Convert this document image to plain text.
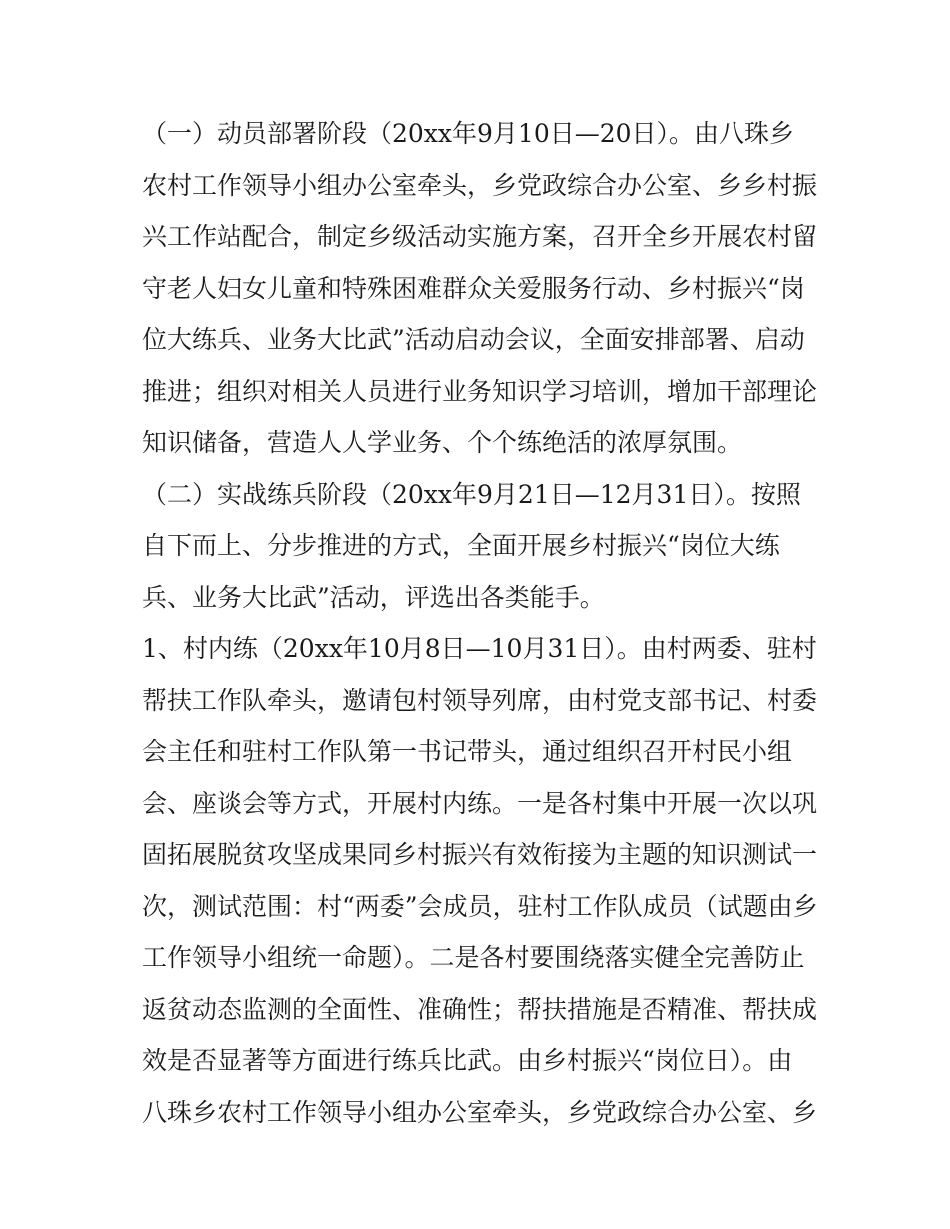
（一）动员部署阶段（20xx年9月10日—20日）。由八珠乡
农村工作领导小组办公室牵头，乡党政综合办公室、乡乡村振
兴工作站配合，制定乡级活动实施方案，召开全乡开展农村留
守老人妇女儿童和特殊困难群众关爱服务行动、乡村振兴“岗
位大练兵、业务大比武”活动启动会议，全面安排部署、启动
推进；组织对相关人员进行业务知识学习培训，增加干部理论
知识储备，营造人人学业务、个个练绝活的浓厚氛围。
（二）实战练兵阶段（20xx年9月21日—12月31日）。按照
自下而上、分步推进的方式，全面开展乡村振兴“岗位大练
兵、业务大比武”活动，评选出各类能手。
1、村内练（20xx年10月8日—10月31日）。由村两委、驻村
帮扶工作队牵头，邀请包村领导列席，由村党支部书记、村委
会主任和驻村工作队第一书记带头，通过组织召开村民小组
会、座谈会等方式，开展村内练。一是各村集中开展一次以巩
固拓展脱贫攻坚成果同乡村振兴有效衔接为主题的知识测试一
次，测试范围：村“两委”会成员，驻村工作队成员（试题由乡
工作领导小组统一命题）。二是各村要围绕落实健全完善防止
返贫动态监测的全面性、准确性；帮扶措施是否精准、帮扶成
效是否显著等方面进行练兵比武。由乡村振兴“岗位日）。由
八珠乡农村工作领导小组办公室牵头，乡党政综合办公室、乡
